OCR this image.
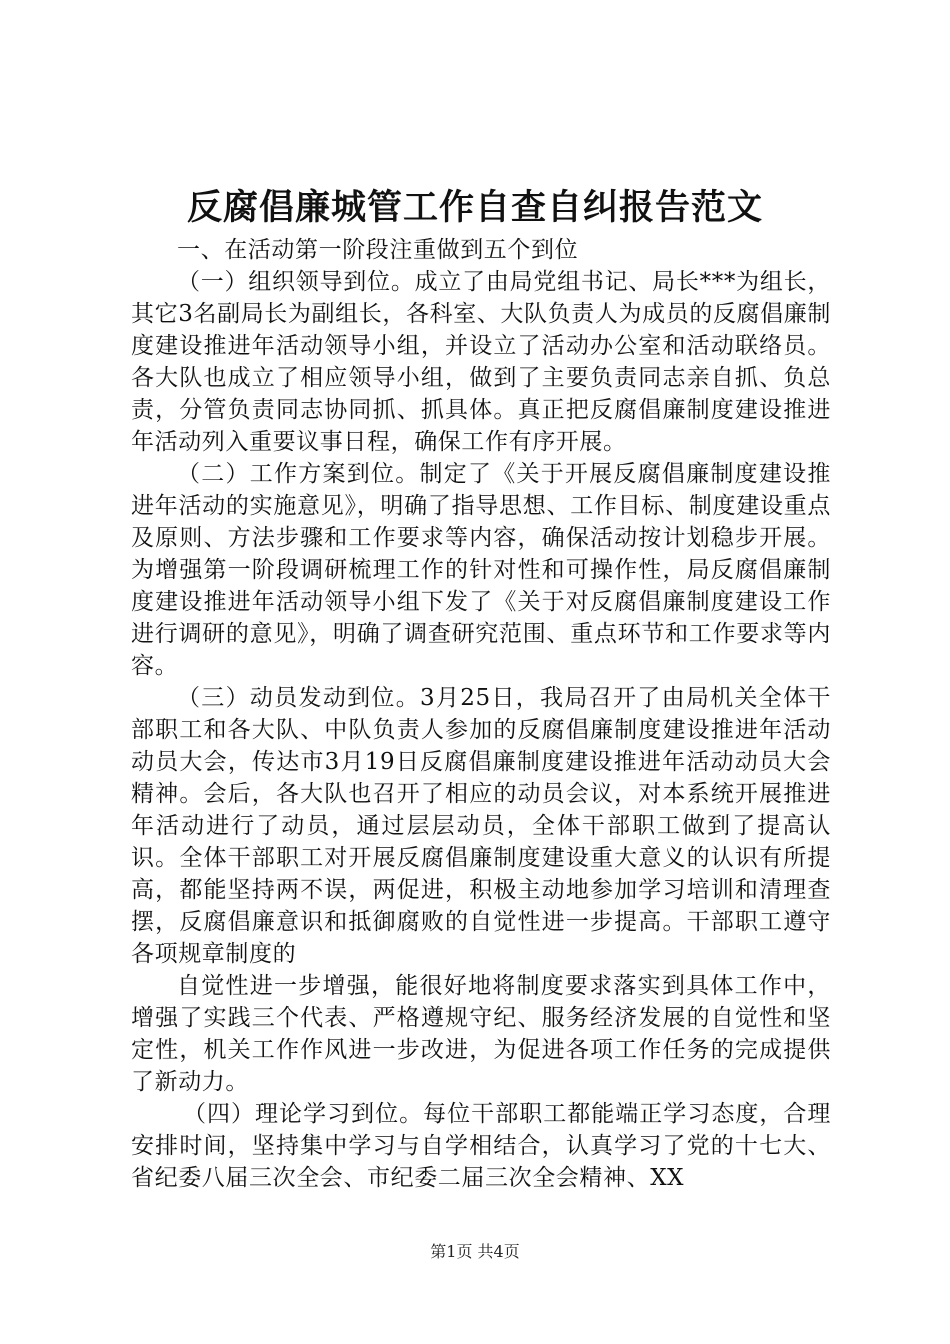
反腐倡廉城管工作自查自纠报告范文

一、在活动第一阶段注重做到五个到位

（一）组织领导到位。成立了由局党组书记、局长***为组长，其它3名副局长为副组长，各科室、大队负责人为成员的反腐倡廉制度建设推进年活动领导小组，并设立了活动办公室和活动联络员。各大队也成立了相应领导小组，做到了主要负责同志亲自抓、负总责，分管负责同志协同抓、抓具体。真正把反腐倡廉制度建设推进年活动列入重要议事日程，确保工作有序开展。

（二）工作方案到位。制定了《关于开展反腐倡廉制度建设推进年活动的实施意见》，明确了指导思想、工作目标、制度建设重点及原则、方法步骤和工作要求等内容，确保活动按计划稳步开展。为增强第一阶段调研梳理工作的针对性和可操作性，局反腐倡廉制度建设推进年活动领导小组下发了《关于对反腐倡廉制度建设工作进行调研的意见》，明确了调查研究范围、重点环节和工作要求等内容。

（三）动员发动到位。3月25日，我局召开了由局机关全体干部职工和各大队、中队负责人参加的反腐倡廉制度建设推进年活动动员大会，传达市3月19日反腐倡廉制度建设推进年活动动员大会精神。会后，各大队也召开了相应的动员会议，对本系统开展推进年活动进行了动员，通过层层动员，全体干部职工做到了提高认识。全体干部职工对开展反腐倡廉制度建设重大意义的认识有所提高，都能坚持两不误，两促进，积极主动地参加学习培训和清理查摆，反腐倡廉意识和抵御腐败的自觉性进一步提高。干部职工遵守各项规章制度的

自觉性进一步增强，能很好地将制度要求落实到具体工作中，增强了实践三个代表、严格遵规守纪、服务经济发展的自觉性和坚定性，机关工作作风进一步改进，为促进各项工作任务的完成提供了新动力。

（四）理论学习到位。每位干部职工都能端正学习态度，合理安排时间，坚持集中学习与自学相结合，认真学习了党的十七大、省纪委八届三次全会、市纪委二届三次全会精神、XX

第1页 共4页
